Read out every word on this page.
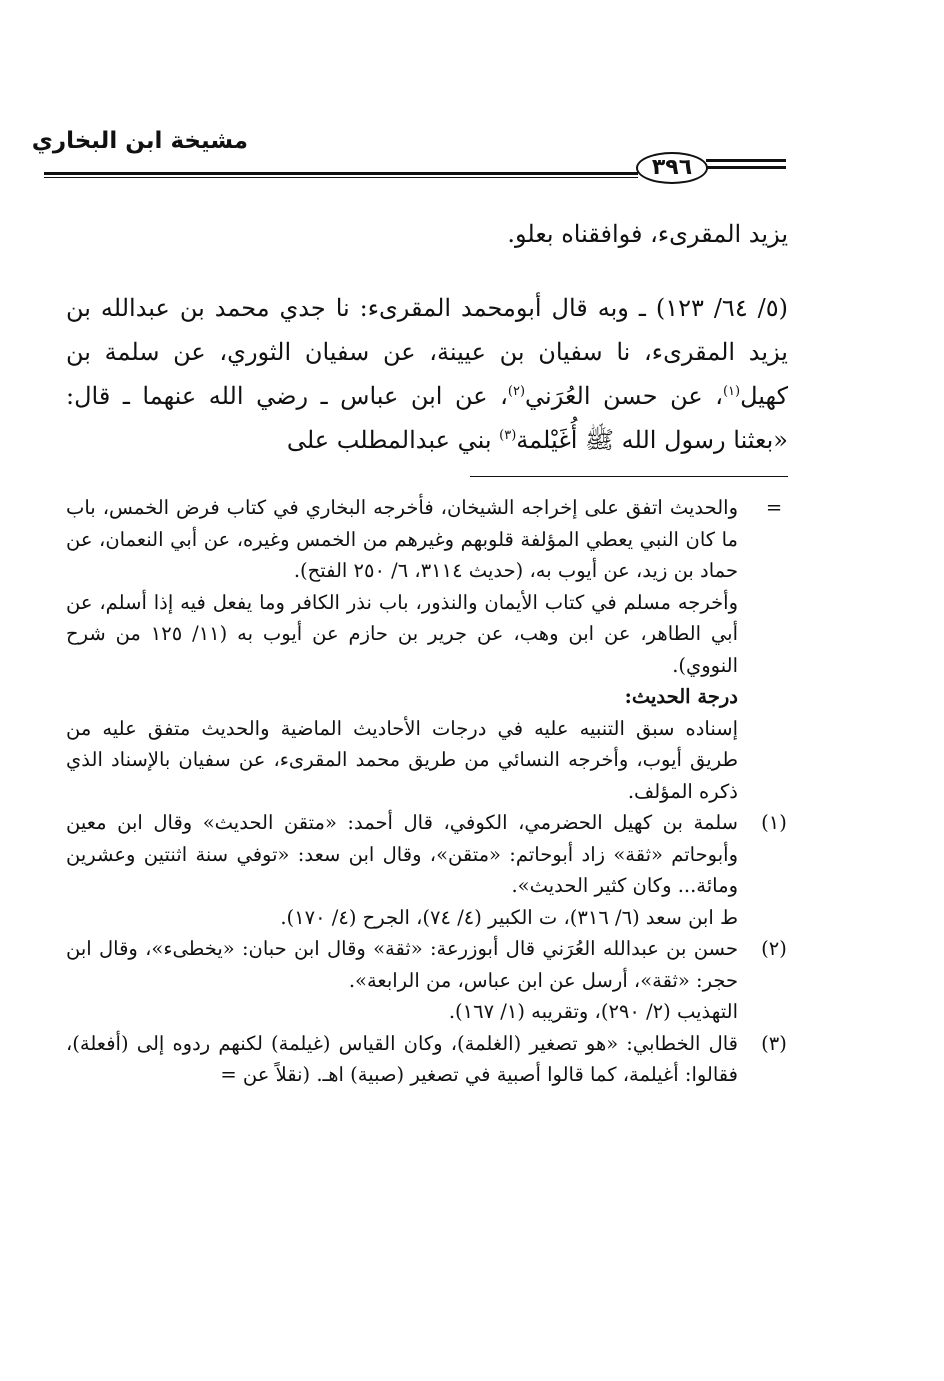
مشيخة ابن البخاري
٣٩٦

يزيد المقرىء، فوافقناه بعلو.

(٥/ ٦٤/ ١٢٣) ـ وبه قال أبومحمد المقرىء: نا جدي محمد بن عبدالله بن يزيد المقرىء، نا سفيان بن عيينة، عن سفيان الثوري، عن سلمة بن كهيل$^{(١)}$، عن حسن العُرَني$^{(٢)}$، عن ابن عباس ـ رضي الله عنهما ـ قال: «بعثنا رسول الله ﷺ أُغَيْلمة$^{(٣)}$ بني عبدالمطلب على

=

والحديث اتفق على إخراجه الشيخان، فأخرجه البخاري في كتاب فرض الخمس، باب ما كان النبي يعطي المؤلفة قلوبهم وغيرهم من الخمس وغيره، عن أبي النعمان، عن حماد بن زيد، عن أيوب به، (حديث ٣١١٤، ٦/ ٢٥٠ الفتح).

وأخرجه مسلم في كتاب الأيمان والنذور، باب نذر الكافر وما يفعل فيه إذا أسلم، عن أبي الطاهر، عن ابن وهب، عن جرير بن حازم عن أيوب به (١١/ ١٢٥ من شرح النووي).

درجة الحديث:

إسناده سبق التنبيه عليه في درجات الأحاديث الماضية والحديث متفق عليه من طريق أيوب، وأخرجه النسائي من طريق محمد المقرىء، عن سفيان بالإسناد الذي ذكره المؤلف.

(١)

سلمة بن كهيل الحضرمي، الكوفي، قال أحمد: «متقن الحديث» وقال ابن معين وأبوحاتم «ثقة» زاد أبوحاتم: «متقن»، وقال ابن سعد: «توفي سنة اثنتين وعشرين ومائة... وكان كثير الحديث».

ط ابن سعد (٦/ ٣١٦)، ت الكبير (٤/ ٧٤)، الجرح (٤/ ١٧٠).

(٢)

حسن بن عبدالله العُرَني قال أبوزرعة: «ثقة» وقال ابن حبان: «يخطىء»، وقال ابن حجر: «ثقة»، أرسل عن ابن عباس، من الرابعة».

التهذيب (٢/ ٢٩٠)، وتقريبه (١/ ١٦٧).

(٣)

قال الخطابي: «هو تصغير (الغلمة)، وكان القياس (غيلمة) لكنهم ردوه إلى (أفعلة)، فقالوا: أغيلمة، كما قالوا أصبية في تصغير (صبية) اهـ. (نقلاً عن =
